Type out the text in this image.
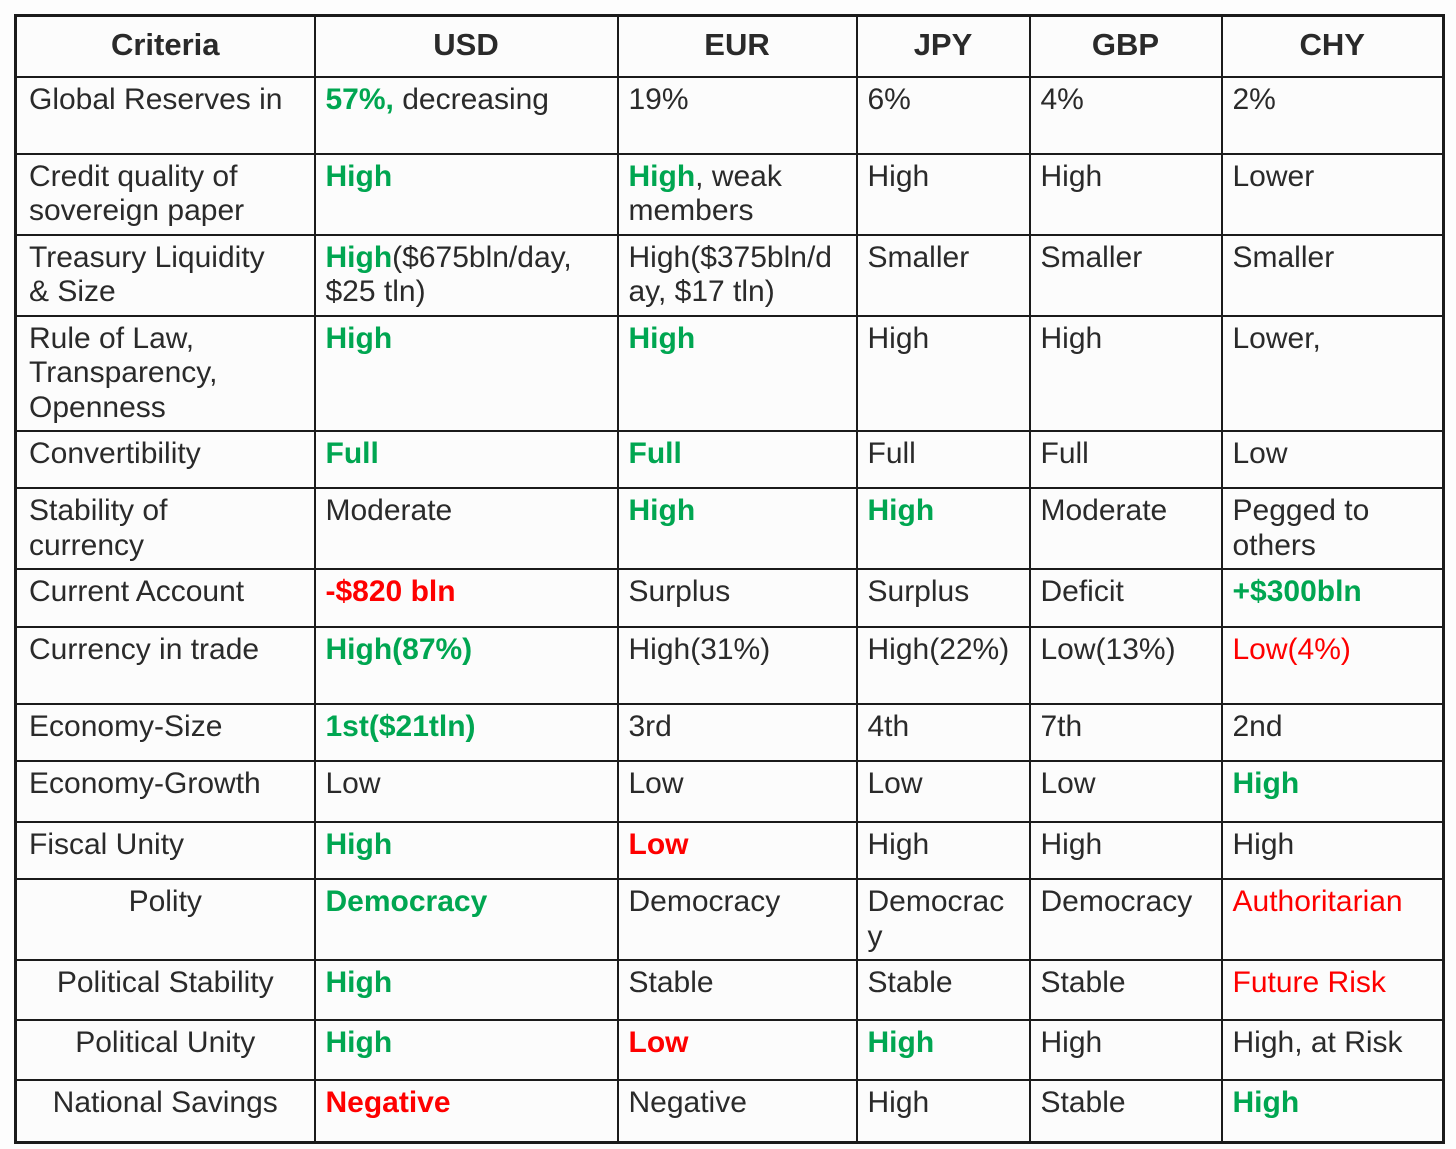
Criteria	USD	EUR	JPY	GBP	CHY
Global Reserves in	57%, decreasing	19%	6%	4%	2%
Credit quality of sovereign paper	High	High, weak members	High	High	Lower
Treasury Liquidity & Size	High($675bln/day, $25 tln)	High($375bln/day, $17 tln)	Smaller	Smaller	Smaller
Rule of Law, Transparency, Openness	High	High	High	High	Lower,
Convertibility	Full	Full	Full	Full	Low
Stability of currency	Moderate	High	High	Moderate	Pegged to others
Current Account	-$820 bln	Surplus	Surplus	Deficit	+$300bln
Currency in trade	High(87%)	High(31%)	High(22%)	Low(13%)	Low(4%)
Economy-Size	1st($21tln)	3rd	4th	7th	2nd
Economy-Growth	Low	Low	Low	Low	High
Fiscal Unity	High	Low	High	High	High
Polity	Democracy	Democracy	Democracy	Democracy	Authoritarian
Political Stability	High	Stable	Stable	Stable	Future Risk
Political Unity	High	Low	High	High	High, at Risk
National Savings	Negative	Negative	High	Stable	High
